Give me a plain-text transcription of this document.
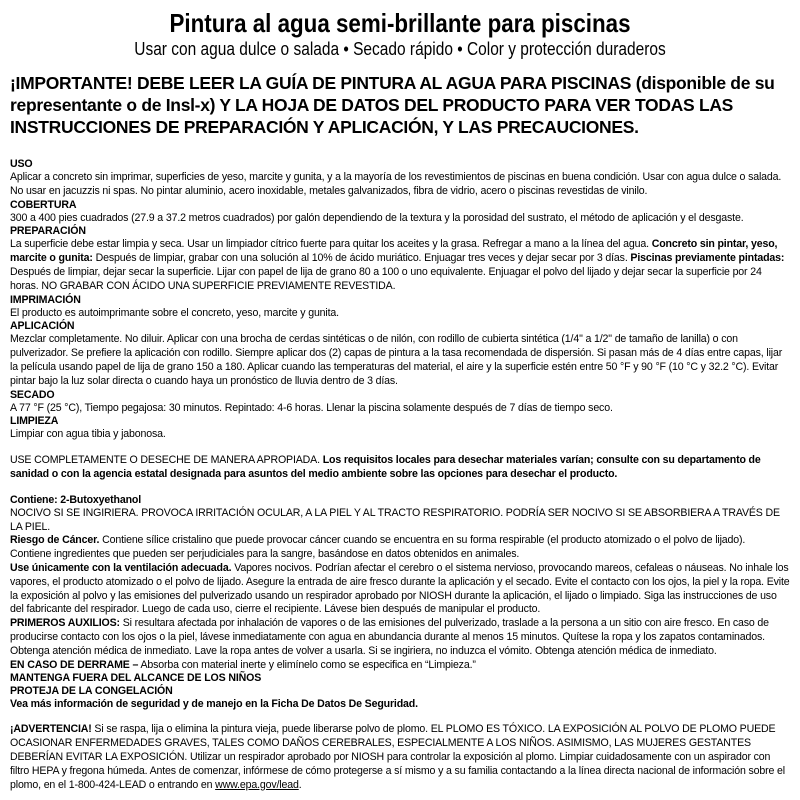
Pintura al agua semi-brillante para piscinas

Usar con agua dulce o salada • Secado rápido • Color y protección duraderos

¡IMPORTANTE! DEBE LEER LA GUÍA DE PINTURA AL AGUA PARA PISCINAS (disponible de su representante o de Insl-x) Y LA HOJA DE DATOS DEL PRODUCTO PARA VER TODAS LAS INSTRUCCIONES DE PREPARACIÓN Y APLICACIÓN, Y LAS PRECAUCIONES.

USO

Aplicar a concreto sin imprimar, superficies de yeso, marcite y gunita, y a la mayoría de los revestimientos de piscinas en buena condición. Usar con agua dulce o salada. No usar en jacuzzis ni spas. No pintar aluminio, acero inoxidable, metales galvanizados, fibra de vidrio, acero o piscinas revestidas de vinilo.

COBERTURA

300 a 400 pies cuadrados (27.9 a 37.2 metros cuadrados) por galón dependiendo de la textura y la porosidad del sustrato, el método de aplicación y el desgaste.

PREPARACIÓN

La superficie debe estar limpia y seca. Usar un limpiador cítrico fuerte para quitar los aceites y la grasa. Refregar a mano a la línea del agua. Concreto sin pintar, yeso, marcite o gunita: Después de limpiar, grabar con una solución al 10% de ácido muriático. Enjuagar tres veces y dejar secar por 3 días. Piscinas previamente pintadas: Después de limpiar, dejar secar la superficie. Lijar con papel de lija de grano 80 a 100 o uno equivalente. Enjuagar el polvo del lijado y dejar secar la superficie por 24 horas. NO GRABAR CON ÁCIDO UNA SUPERFICIE PREVIAMENTE REVESTIDA.

IMPRIMACIÓN

El producto es autoimprimante sobre el concreto, yeso, marcite y gunita.

APLICACIÓN

Mezclar completamente. No diluir. Aplicar con una brocha de cerdas sintéticas o de nilón, con rodillo de cubierta sintética (1/4" a 1/2" de tamaño de lanilla) o con pulverizador. Se prefiere la aplicación con rodillo. Siempre aplicar dos (2) capas de pintura a la tasa recomendada de dispersión. Si pasan más de 4 días entre capas, lijar la película usando papel de lija de grano 150 a 180. Aplicar cuando las temperaturas del material, el aire y la superficie estén entre 50 °F y 90 °F (10 °C y 32.2 °C). Evitar pintar bajo la luz solar directa o cuando haya un pronóstico de lluvia dentro de 3 días.

SECADO

A 77 °F (25 °C), Tiempo pegajosa: 30 minutos. Repintado: 4-6 horas. Llenar la piscina solamente después de 7 días de tiempo seco.

LIMPIEZA

Limpiar con agua tibia y jabonosa.

USE COMPLETAMENTE O DESECHE DE MANERA APROPIADA. Los requisitos locales para desechar materiales varían; consulte con su departamento de sanidad o con la agencia estatal designada para asuntos del medio ambiente sobre las opciones para desechar el producto.

Contiene: 2-Butoxyethanol

NOCIVO SI SE INGIRIERA. PROVOCA IRRITACIÓN OCULAR, A LA PIEL Y AL TRACTO RESPIRATORIO. PODRÍA SER NOCIVO SI SE ABSORBIERA A TRAVÉS DE LA PIEL.

Riesgo de Cáncer. Contiene sílice cristalino que puede provocar cáncer cuando se encuentra en su forma respirable (el producto atomizado o el polvo de lijado).

Contiene ingredientes que pueden ser perjudiciales para la sangre, basándose en datos obtenidos en animales.

Use únicamente con la ventilación adecuada. Vapores nocivos. Podrían afectar el cerebro o el sistema nervioso, provocando mareos, cefaleas o náuseas. No inhale los vapores, el producto atomizado o el polvo de lijado. Asegure la entrada de aire fresco durante la aplicación y el secado. Evite el contacto con los ojos, la piel y la ropa. Evite la exposición al polvo y las emisiones del pulverizado usando un respirador aprobado por NIOSH durante la aplicación, el lijado o limpiado. Siga las instrucciones de uso del fabricante del respirador. Luego de cada uso, cierre el recipiente. Lávese bien después de manipular el producto.

PRIMEROS AUXILIOS: Si resultara afectada por inhalación de vapores o de las emisiones del pulverizado, traslade a la persona a un sitio con aire fresco. En caso de producirse contacto con los ojos o la piel, lávese inmediatamente con agua en abundancia durante al menos 15 minutos. Quítese la ropa y los zapatos contaminados. Obtenga atención médica de inmediato. Lave la ropa antes de volver a usarla. Si se ingiriera, no induzca el vómito. Obtenga atención médica de inmediato.

EN CASO DE DERRAME – Absorba con material inerte y elimínelo como se especifica en “Limpieza.”

MANTENGA FUERA DEL ALCANCE DE LOS NIÑOS

PROTEJA DE LA CONGELACIÓN

Vea más información de seguridad y de manejo en la Ficha De Datos De Seguridad.

¡ADVERTENCIA! Si se raspa, lija o elimina la pintura vieja, puede liberarse polvo de plomo. EL PLOMO ES TÓXICO. LA EXPOSICIÓN AL POLVO DE PLOMO PUEDE OCASIONAR ENFERMEDADES GRAVES, TALES COMO DAÑOS CEREBRALES, ESPECIALMENTE A LOS NIÑOS. ASIMISMO, LAS MUJERES GESTANTES DEBERÍAN EVITAR LA EXPOSICIÓN. Utilizar un respirador aprobado por NIOSH para controlar la exposición al plomo. Limpiar cuidadosamente con un aspirador con filtro HEPA y fregona húmeda. Antes de comenzar, infórmese de cómo protegerse a sí mismo y a su familia contactando a la línea directa nacional de información sobre el plomo, en el 1-800-424-LEAD o entrando en www.epa.gov/lead.
